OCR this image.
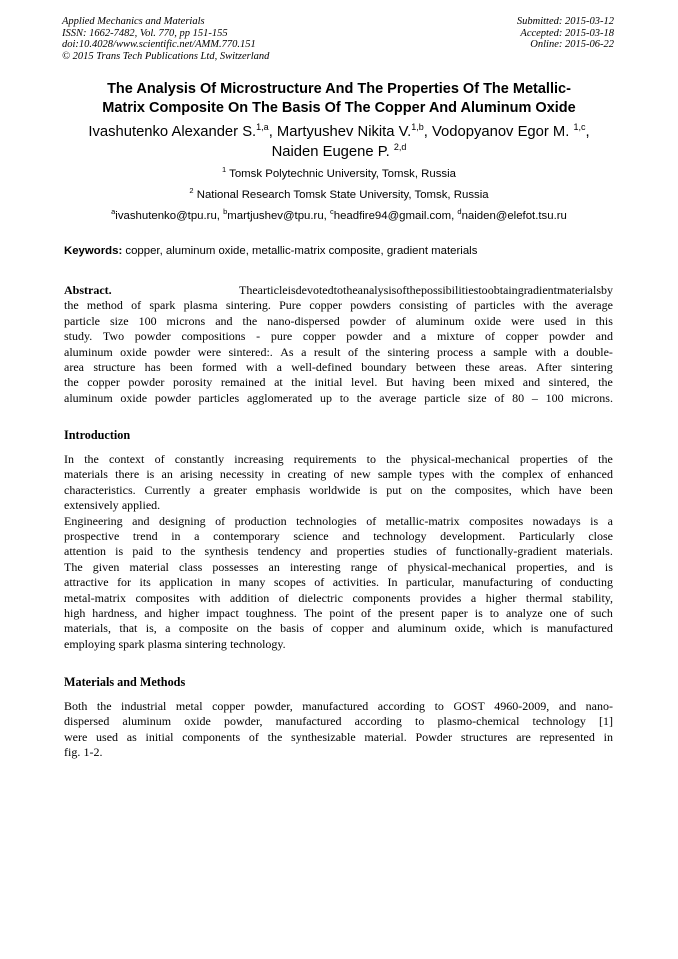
Applied Mechanics and Materials
ISSN: 1662-7482, Vol. 770, pp 151-155
doi:10.4028/www.scientific.net/AMM.770.151
© 2015 Trans Tech Publications Ltd, Switzerland
Submitted: 2015-03-12
Accepted: 2015-03-18
Online: 2015-06-22
The Analysis Of Microstructure And The Properties Of The Metallic-
Matrix Composite On The Basis Of The Copper And Aluminum Oxide
Ivashutenko Alexander S.$^{1,a}$, Martyushev Nikita V.$^{1,b}$, Vodopyanov Egor M. $^{1,c}$,
Naiden Eugene P. $^{2,d}$
$^1$ Tomsk Polytechnic University, Tomsk, Russia
$^2$ National Research Tomsk State University, Tomsk, Russia
$^a$ivashutenko@tpu.ru, $^b$martjushev@tpu.ru, $^c$headfire94@gmail.com, $^d$naiden@elefot.tsu.ru
Keywords: copper, aluminum oxide, metallic-matrix composite, gradient materials
Abstract.	Thearticleisdevotedtotheanalysisofthepossibilitiestoobtaingradientmaterialsby
the method of spark plasma sintering. Pure copper powders consisting of particles with the average
particle size 100 microns and the nano-dispersed powder of aluminum oxide were used in this
study. Two powder compositions - pure copper powder and a mixture of copper powder and
aluminum oxide powder were sintered:. As a result of the sintering process a sample with a double-
area structure has been formed with a well-defined boundary between these areas. After sintering
the copper powder porosity remained at the initial level. But having been mixed and sintered, the
aluminum oxide powder particles agglomerated up to the average particle size of 80 – 100 microns.
Introduction
In the context of constantly increasing requirements to the physical-mechanical properties of the
materials there is an arising necessity in creating of new sample types with the complex of enhanced
characteristics. Currently a greater emphasis worldwide is put on the composites, which have been
extensively applied.
Engineering and designing of production technologies of metallic-matrix composites nowadays is a
prospective trend in a contemporary science and technology development. Particularly close
attention is paid to the synthesis tendency and properties studies of functionally-gradient materials.
The given material class possesses an interesting range of physical-mechanical properties, and is
attractive for its application in many scopes of activities. In particular, manufacturing of conducting
metal-matrix composites with addition of dielectric components provides a higher thermal stability,
high hardness, and higher impact toughness. The point of the present paper is to analyze one of such
materials, that is, a composite on the basis of copper and aluminum oxide, which is manufactured
employing spark plasma sintering technology.
Materials and Methods
Both the industrial metal copper powder, manufactured according to GOST 4960-2009, and nano-
dispersed aluminum oxide powder, manufactured according to plasmo-chemical technology [1]
were used as initial components of the synthesizable material. Powder structures are represented in
fig. 1-2.
